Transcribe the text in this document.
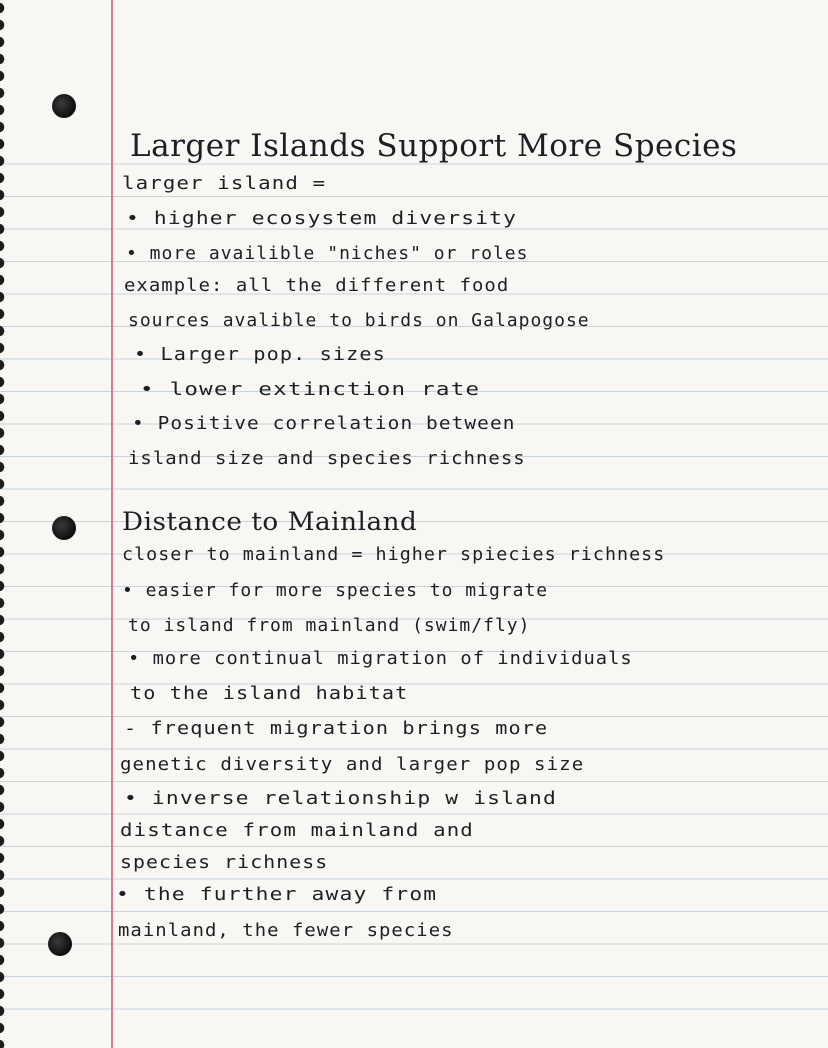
Larger Islands Support More Species
larger island =
• higher ecosystem diversity
• more availible "niches" or roles
example: all the different food
sources avalible to birds on Galapogose
• Larger pop. sizes
• lower extinction rate
• Positive correlation between
island size and species richness
Distance to Mainland
closer to mainland = higher spiecies richness
• easier for more species to migrate
to island from mainland (swim/fly)
• more continual migration of individuals
to the island habitat
- frequent migration brings more
genetic diversity and larger pop size
• inverse relationship w island
distance from mainland and
species richness
• the further away from
mainland, the fewer species
